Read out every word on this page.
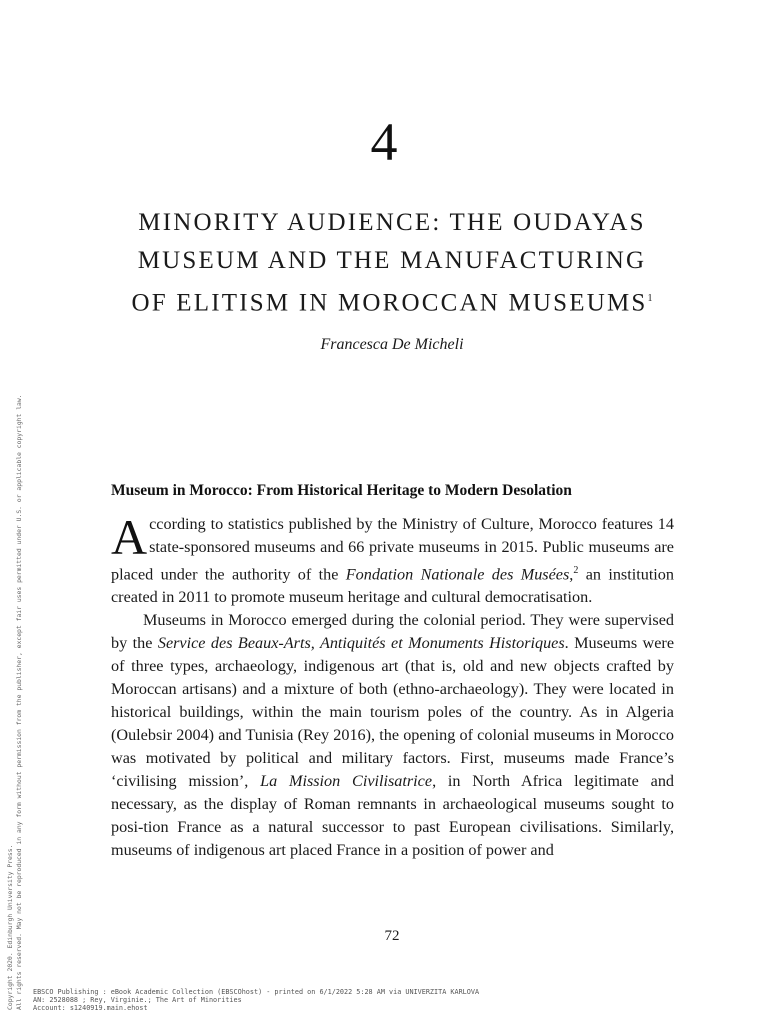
4
MINORITY AUDIENCE: THE OUDAYAS
MUSEUM AND THE MANUFACTURING
OF ELITISM IN MOROCCAN MUSEUMS$^1$
Francesca De Micheli
Museum in Morocco: From Historical Heritage to Modern Desolation

According to statistics published by the Ministry of Culture, Morocco features 14 state-sponsored museums and 66 private museums in 2015. Public museums are placed under the authority of the Fondation Nationale des Musées,$^2$ an institution created in 2011 to promote museum heritage and cultural democratisation.

Museums in Morocco emerged during the colonial period. They were supervised by the Service des Beaux-Arts, Antiquités et Monuments Historiques. Museums were of three types, archaeology, indigenous art (that is, old and new objects crafted by Moroccan artisans) and a mixture of both (ethno-archaeology). They were located in historical buildings, within the main tourism poles of the country. As in Algeria (Oulebsir 2004) and Tunisia (Rey 2016), the opening of colonial museums in Morocco was motivated by political and military factors. First, museums made France’s ‘civilising mission’, La Mission Civilisatrice, in North Africa legitimate and necessary, as the display of Roman remnants in archaeological museums sought to posi-tion France as a natural successor to past European civilisations. Similarly, museums of indigenous art placed France in a position of power and

72
EBSCO Publishing : eBook Academic Collection (EBSCOhost) - printed on 6/1/2022 5:28 AM via UNIVERZITA KARLOVA
AN: 2528088 ; Rey, Virginie.; The Art of Minorities
Account: s1240919.main.ehost
Copyright 2020. Edinburgh University Press. All rights reserved. May not be reproduced in any form without permission from the publisher, except fair uses permitted under U.S. or applicable copyright law.
